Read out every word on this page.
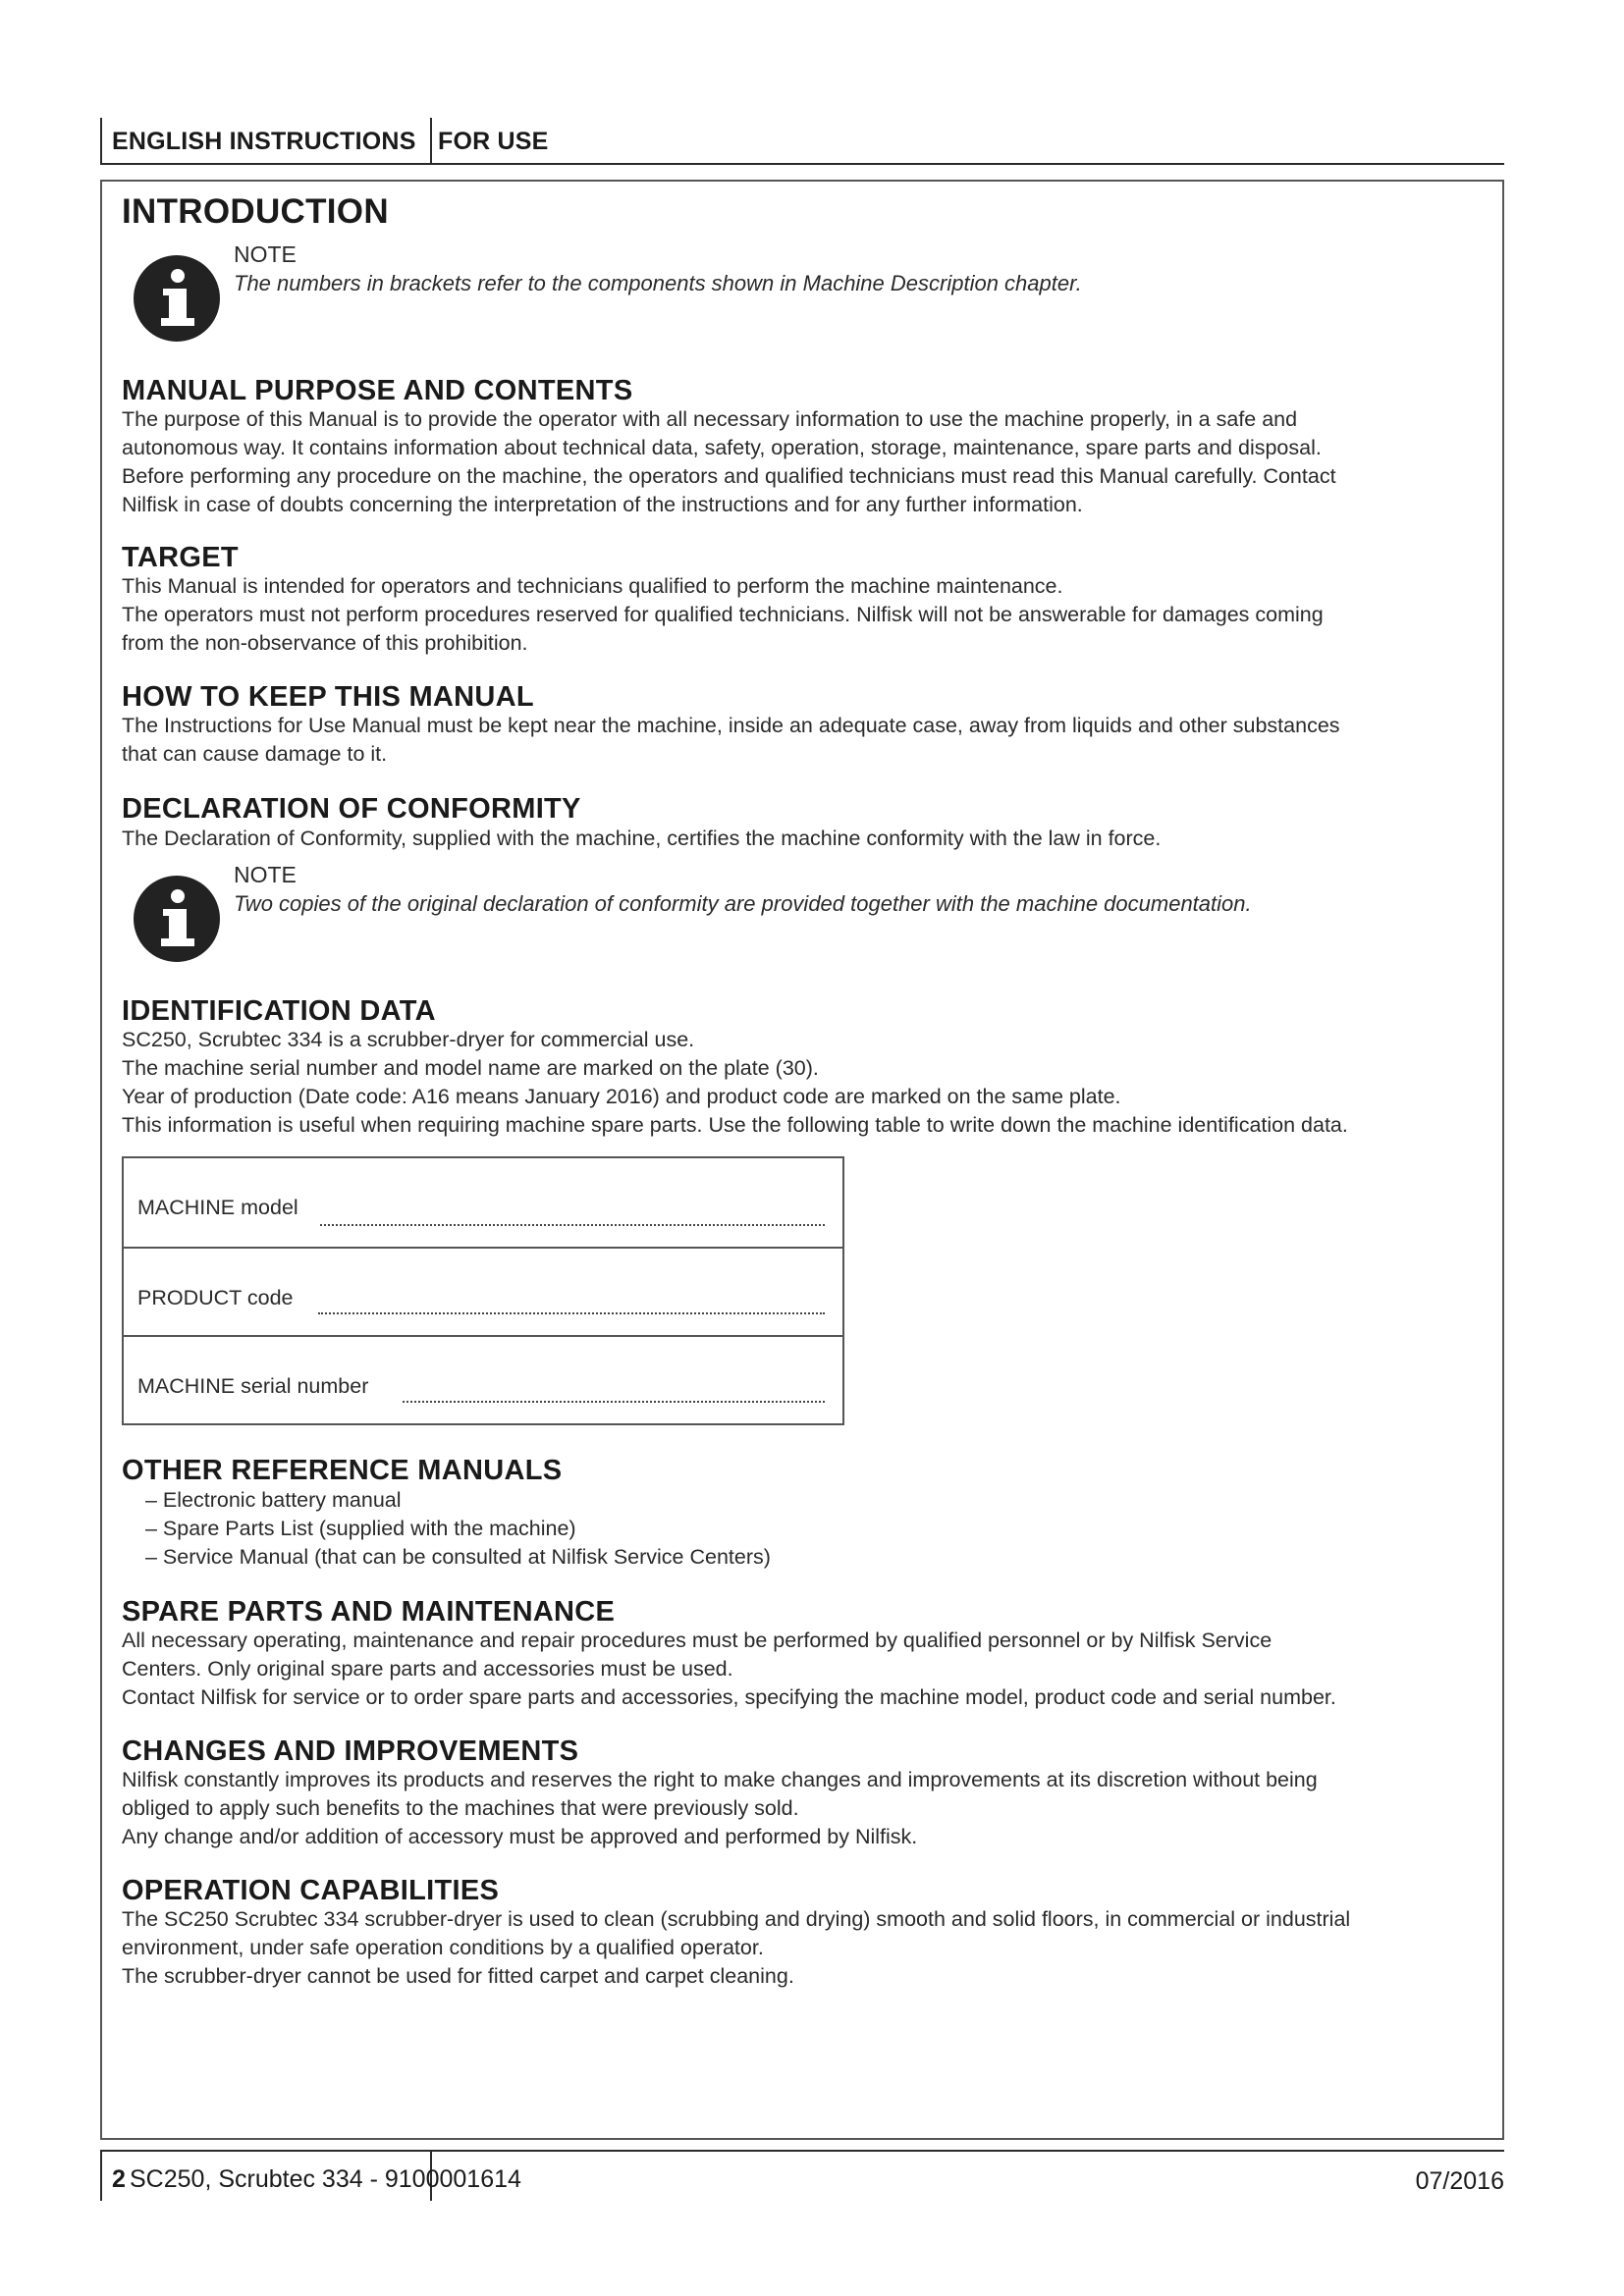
ENGLISH INSTRUCTIONS FOR USE
INTRODUCTION
NOTE
The numbers in brackets refer to the components shown in Machine Description chapter.
MANUAL PURPOSE AND CONTENTS
The purpose of this Manual is to provide the operator with all necessary information to use the machine properly, in a safe and
autonomous way. It contains information about technical data, safety, operation, storage, maintenance, spare parts and disposal.
Before performing any procedure on the machine, the operators and qualified technicians must read this Manual carefully. Contact
Nilfisk in case of doubts concerning the interpretation of the instructions and for any further information.
TARGET
This Manual is intended for operators and technicians qualified to perform the machine maintenance.
The operators must not perform procedures reserved for qualified technicians. Nilfisk will not be answerable for damages coming
from the non-observance of this prohibition.
HOW TO KEEP THIS MANUAL
The Instructions for Use Manual must be kept near the machine, inside an adequate case, away from liquids and other substances
that can cause damage to it.
DECLARATION OF CONFORMITY
The Declaration of Conformity, supplied with the machine, certifies the machine conformity with the law in force.
NOTE
Two copies of the original declaration of conformity are provided together with the machine documentation.
IDENTIFICATION DATA
SC250, Scrubtec 334 is a scrubber-dryer for commercial use.
The machine serial number and model name are marked on the plate (30).
Year of production (Date code: A16 means January 2016) and product code are marked on the same plate.
This information is useful when requiring machine spare parts. Use the following table to write down the machine identification data.
MACHINE model
PRODUCT code
MACHINE serial number
OTHER REFERENCE MANUALS
– Electronic battery manual
– Spare Parts List (supplied with the machine)
– Service Manual (that can be consulted at Nilfisk Service Centers)
SPARE PARTS AND MAINTENANCE
All necessary operating, maintenance and repair procedures must be performed by qualified personnel or by Nilfisk Service
Centers. Only original spare parts and accessories must be used.
Contact Nilfisk for service or to order spare parts and accessories, specifying the machine model, product code and serial number.
CHANGES AND IMPROVEMENTS
Nilfisk constantly improves its products and reserves the right to make changes and improvements at its discretion without being
obliged to apply such benefits to the machines that were previously sold.
Any change and/or addition of accessory must be approved and performed by Nilfisk.
OPERATION CAPABILITIES
The SC250 Scrubtec 334 scrubber-dryer is used to clean (scrubbing and drying) smooth and solid floors, in commercial or industrial
environment, under safe operation conditions by a qualified operator.
The scrubber-dryer cannot be used for fitted carpet and carpet cleaning.
2 SC250, Scrubtec 334 - 9100001614	07/2016
